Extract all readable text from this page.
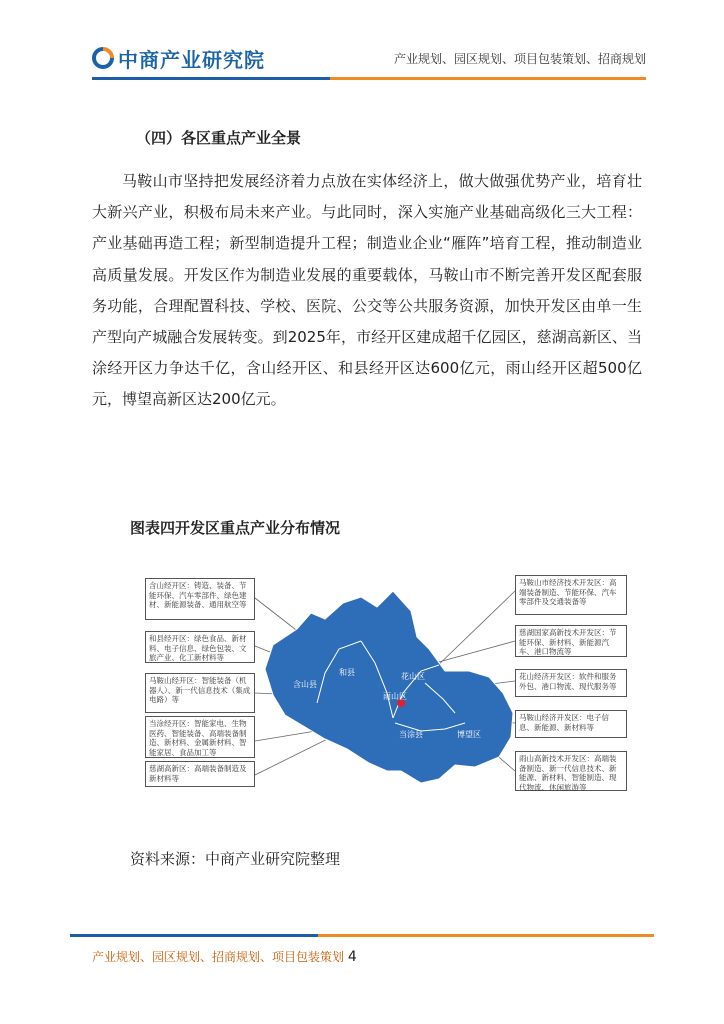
中商产业研究院	产业规划、园区规划、项目包装策划、招商规划
（四）各区重点产业全景

马鞍山市坚持把发展经济着力点放在实体经济上，做大做强优势产业，培育壮大新兴产业，积极布局未来产业。与此同时，深入实施产业基础高级化三大工程：产业基础再造工程；新型制造提升工程；制造业企业“雁阵”培育工程，推动制造业高质量发展。开发区作为制造业发展的重要载体，马鞍山市不断完善开发区配套服务功能，合理配置科技、学校、医院、公交等公共服务资源，加快开发区由单一生产型向产城融合发展转变。到2025年，市经开区建成超千亿园区，慈湖高新区、当涂经开区力争达千亿，含山经开区、和县经开区达600亿元，雨山经开区超500亿元，博望高新区达200亿元。

图表四开发区重点产业分布情况
含山县
和县	花山区
雨山区
当涂县	博望区
含山经开区：铸造、装备、节能环保、汽车零部件、绿色建材、新能源装备、通用航空等
和县经开区：绿色食品、新材料、电子信息、绿色包装、文旅产业、化工新材料等
马鞍山经开区：智能装备（机器人）、新一代信息技术（集成电路）等
当涂经开区：智能家电、生物医药、智能装备、高端装备制造、新材料、金属新材料、智能家居、食品加工等
慈湖高新区：高端装备制造及新材料等
马鞍山市经济技术开发区：高端装备制造、节能环保、汽车零部件及交通装备等
慈湖国家高新技术开发区：节能环保、新材料、新能源汽车、港口物流等
花山经济开发区：软件和服务外包、港口物流、现代服务等
马鞍山经济开发区：电子信息、新能源、新材料等
雨山高新技术开发区：高端装备制造、新一代信息技术、新能源、新材料、智能制造、现代物流、休闲旅游等
资料来源：中商产业研究院整理
产业规划、园区规划、招商规划、项目包装策划 4
